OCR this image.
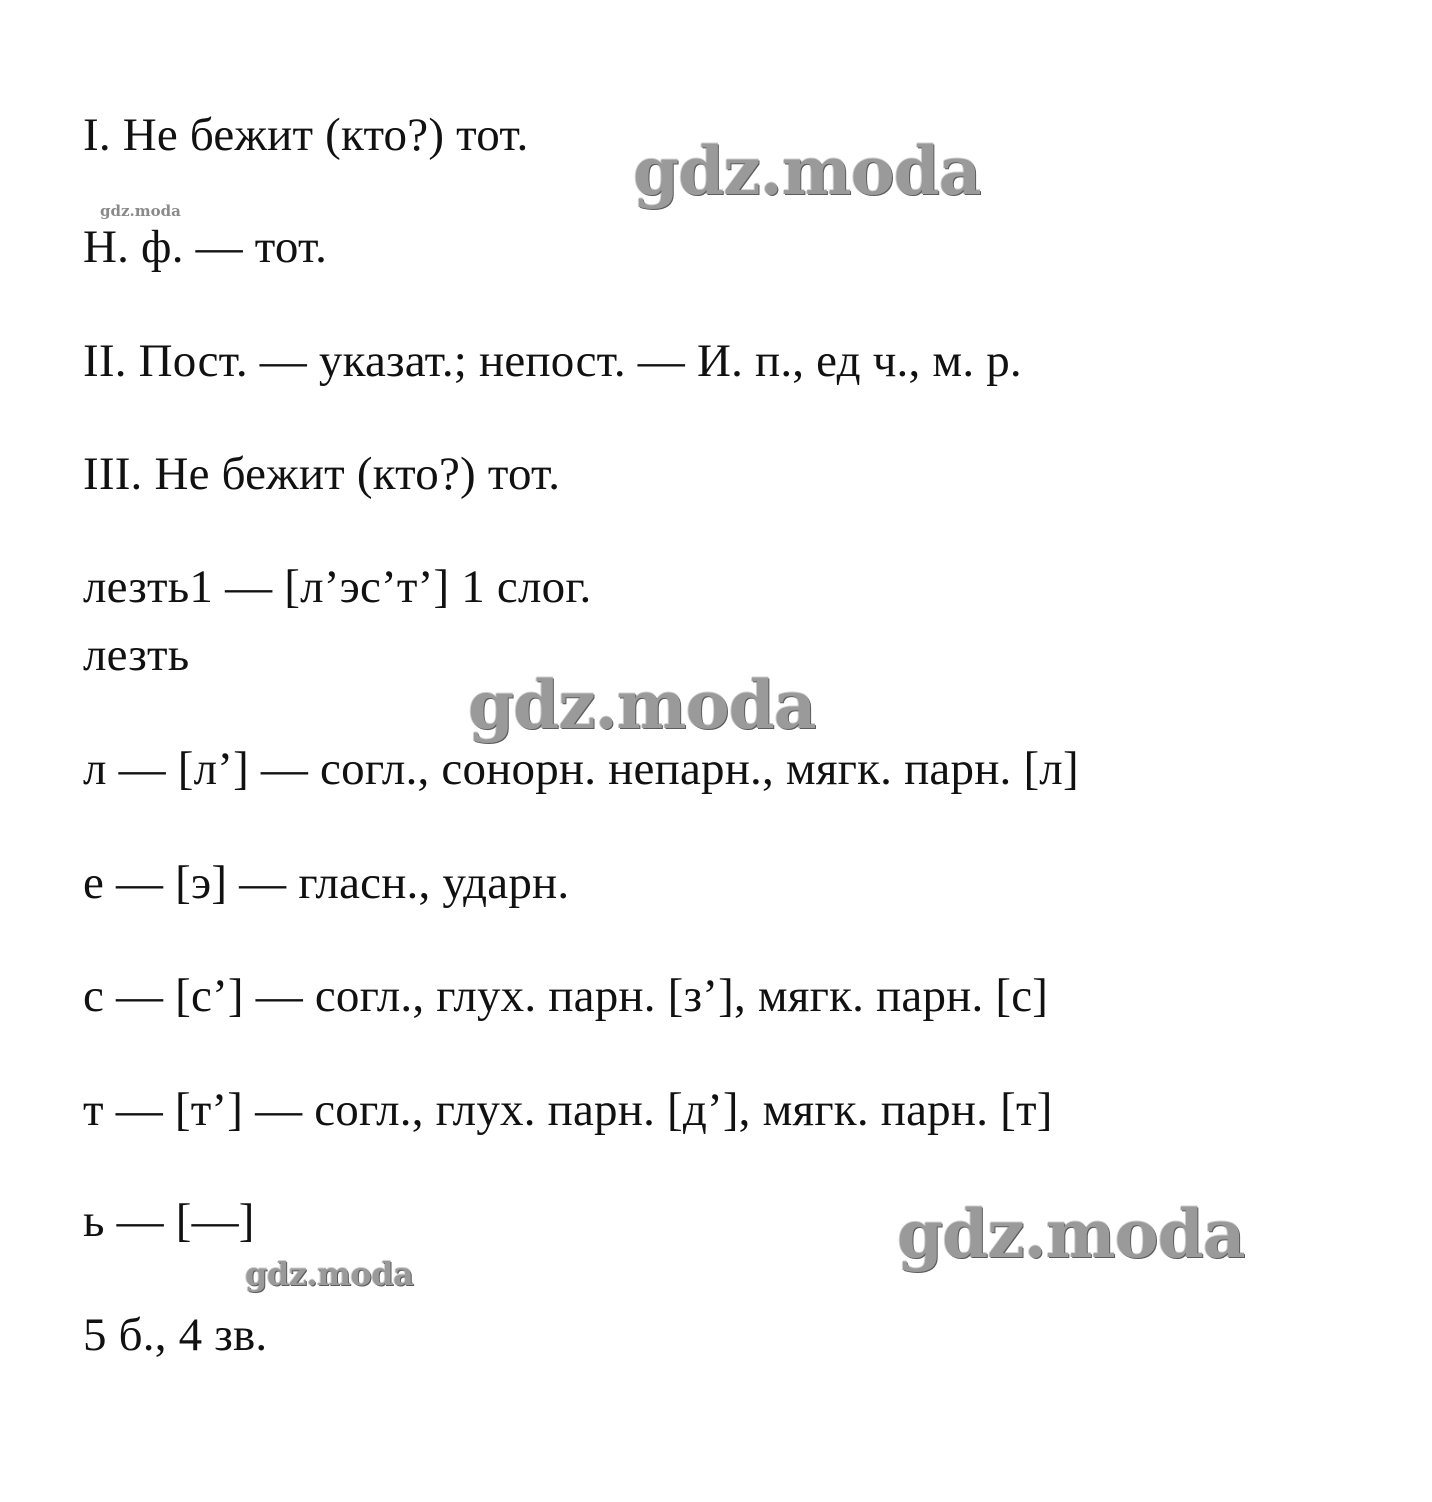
I. Не бежит (кто?) тот.
Н. ф. — тот.
II. Пост. — указат.; непост. — И. п., ед ч., м. р.
III. Не бежит (кто?) тот.
лезть1 — [л’эс’т’] 1 слог.
лезть
л — [л’] — согл., сонорн. непарн., мягк. парн. [л]
е — [э] — гласн., ударн.
с — [с’] — согл., глух. парн. [з’], мягк. парн. [с]
т — [т’] — согл., глух. парн. [д’], мягк. парн. [т]
ь — [—]
5 б., 4 зв.
gdz.moda
gdz.moda
gdz.moda
gdz.moda
gdz.moda
